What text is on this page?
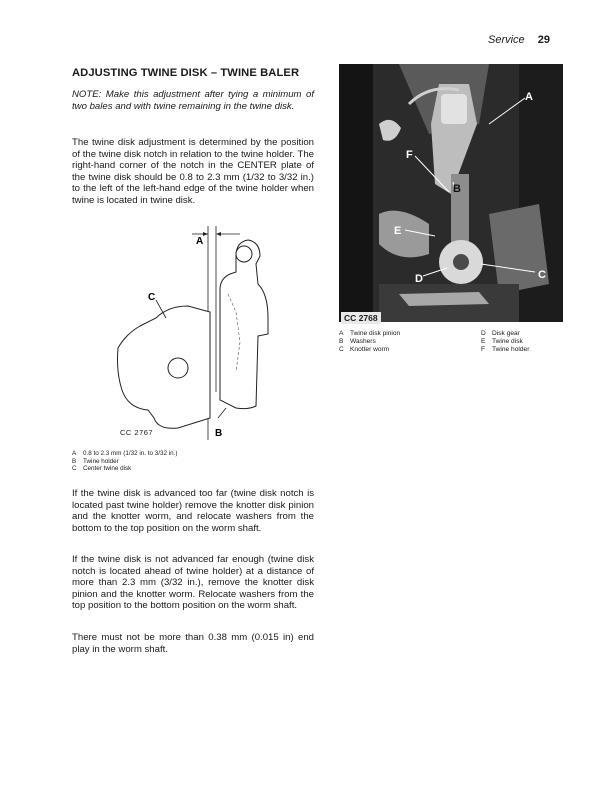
Service 29
ADJUSTING TWINE DISK – TWINE BALER
NOTE: Make this adjustment after tying a minimum of two bales and with twine remaining in the twine disk.
The twine disk adjustment is determined by the position of the twine disk notch in relation to the twine holder. The right-hand corner of the notch in the CENTER plate of the twine disk should be 0.8 to 2.3 mm (1/32 to 3/32 in.) to the left of the left-hand edge of the twine holder when twine is located in twine disk.
A
C
B
CC 2767
A 0.8 to 2.3 mm (1/32 in. to 3/32 in.)
B Twine holder
C Center twine disk
If the twine disk is advanced too far (twine disk notch is located past twine holder) remove the knotter disk pinion and the knotter worm, and relocate washers from the bottom to the top position on the worm shaft.
If the twine disk is not advanced far enough (twine disk notch is located ahead of twine holder) at a distance of more than 2.3 mm (3/32 in.), remove the knotter disk pinion and the knotter worm. Relocate washers from the top position to the bottom position on the worm shaft.
There must not be more than 0.38 mm (0.015 in) end play in the worm shaft.
A
F
B
E
D	C
CC 2768
A Twine disk pinion
B Washers
C Knotter worm
D Disk gear
E Twine disk
F Twine holder
